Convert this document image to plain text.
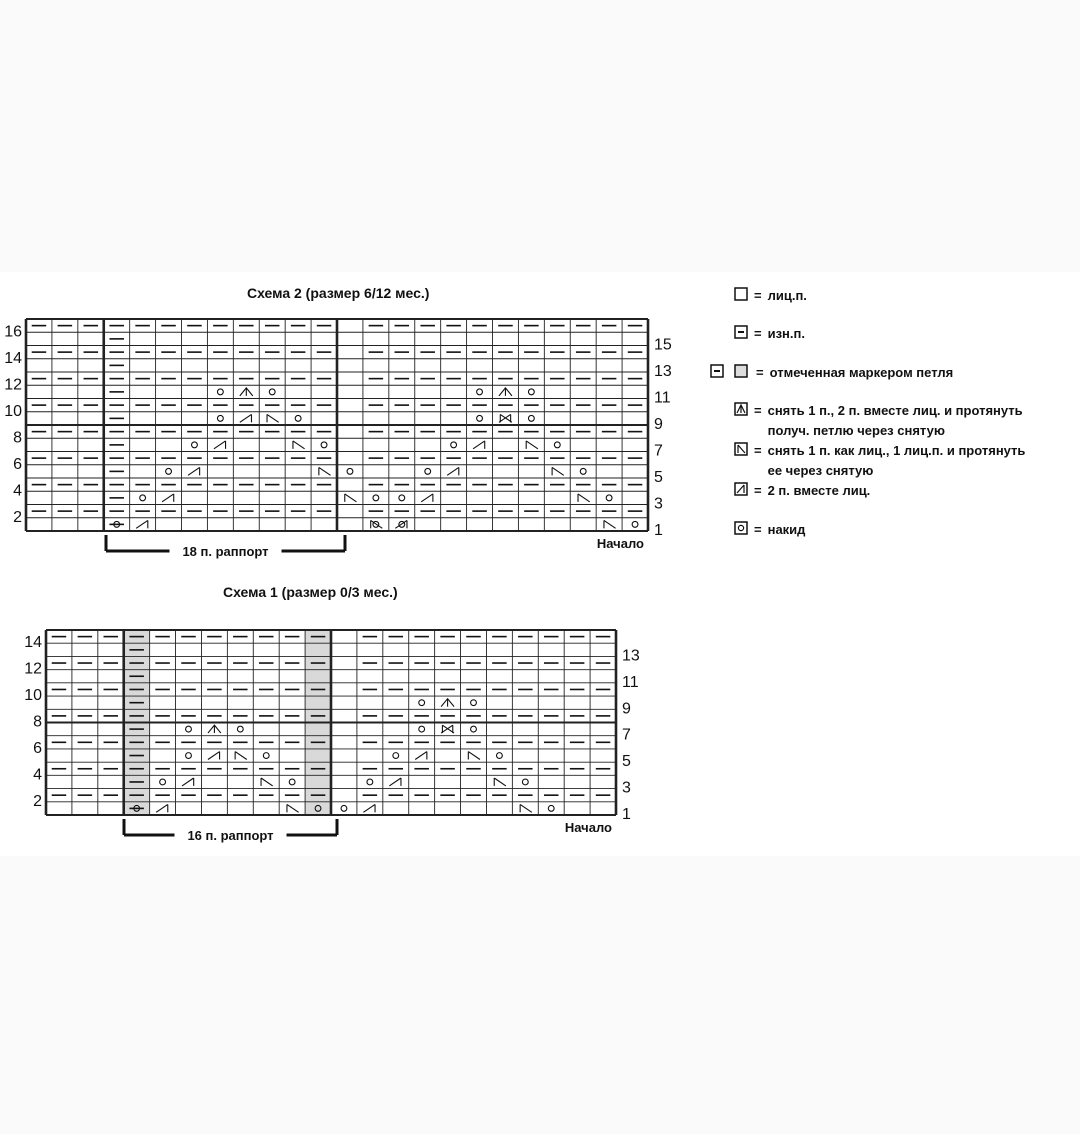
Схема 2 (размер 6/12 мес.)
Схема 1 (размер 0/3 мес.)
16
14
12
10
8
6
4
2
15
13
11
9
7
5
3
1
18 п. раппорт
Начало
14
12
10
8
6
4
2
13
11
9
7
5
3
1
16 п. раппорт
Начало
= лиц.п.
= изн.п.
= отмеченная маркером петля
= снять 1 п., 2 п. вместе лиц. и протянуть
получ. петлю через снятую
= снять 1 п. как лиц., 1 лиц.п. и протянуть
ее через снятую
= 2 п. вместе лиц.
= накид
